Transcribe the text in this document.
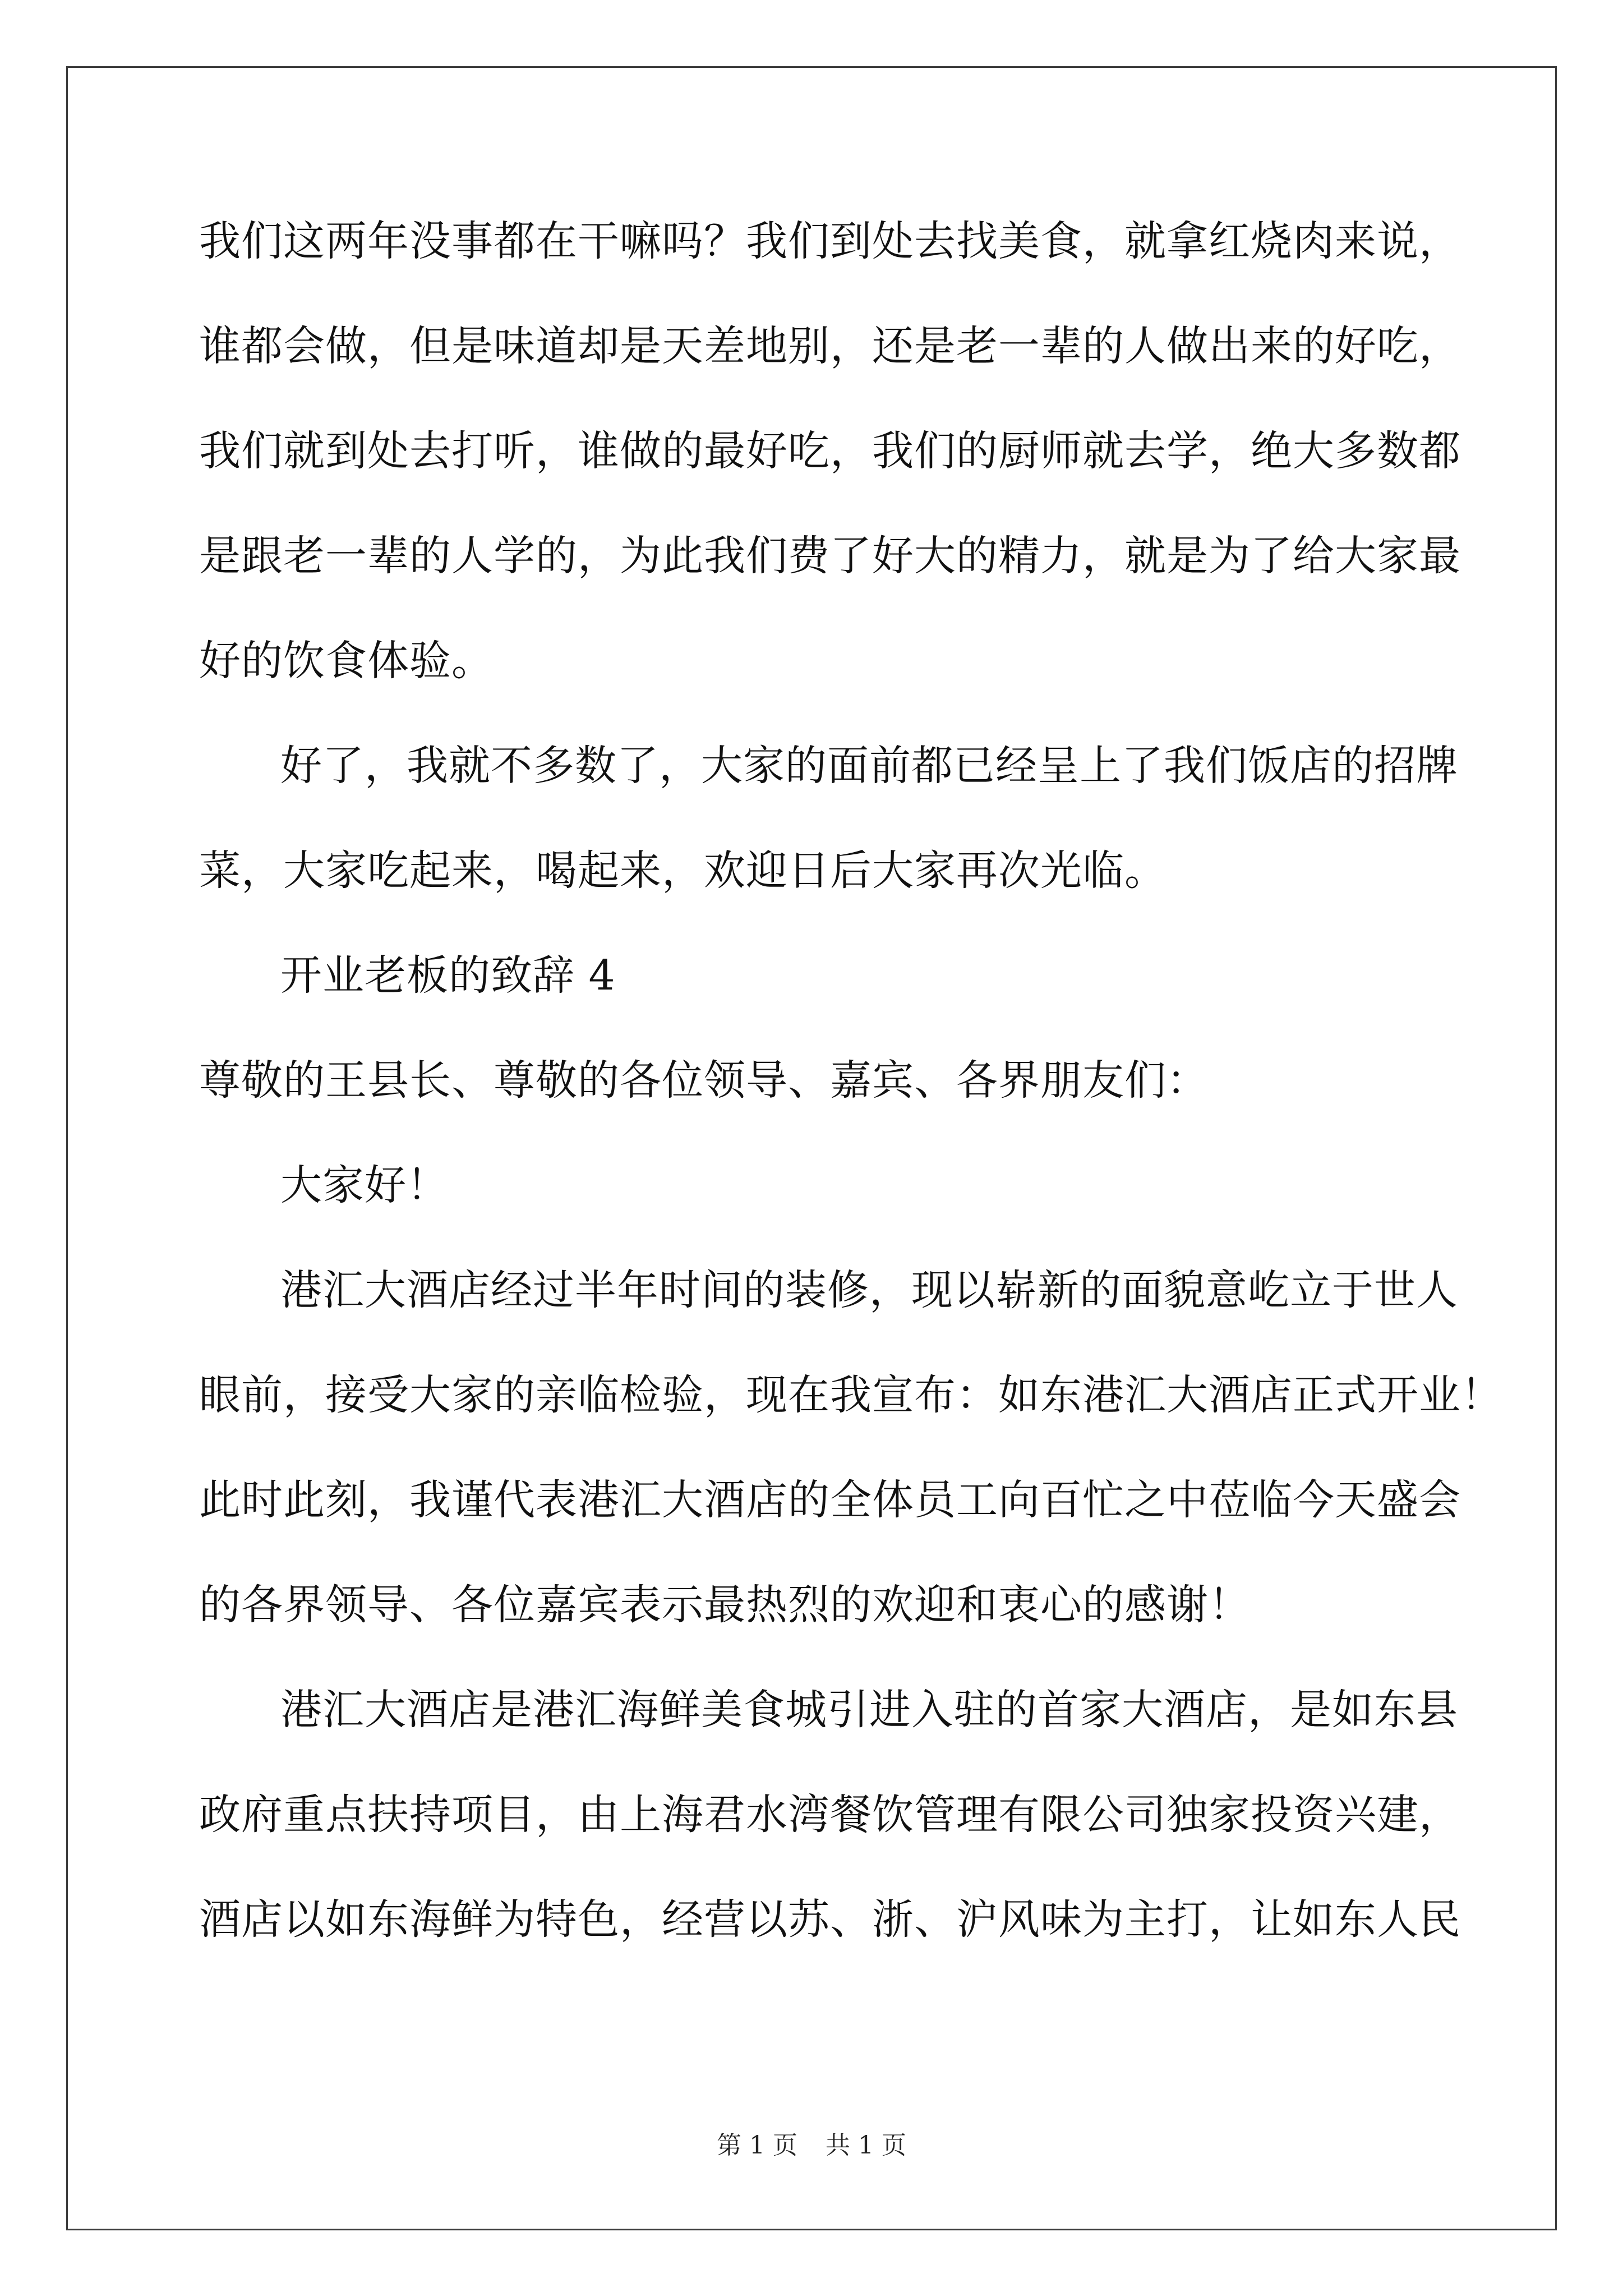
我们这两年没事都在干嘛吗？我们到处去找美食，就拿红烧肉来说，
谁都会做，但是味道却是天差地别，还是老一辈的人做出来的好吃，
我们就到处去打听，谁做的最好吃，我们的厨师就去学，绝大多数都
是跟老一辈的人学的，为此我们费了好大的精力，就是为了给大家最
好的饮食体验。
好了，我就不多数了，大家的面前都已经呈上了我们饭店的招牌
菜，大家吃起来，喝起来，欢迎日后大家再次光临。
开业老板的致辞 4
尊敬的王县长、尊敬的各位领导、嘉宾、各界朋友们：
大家好！
港汇大酒店经过半年时间的装修，现以崭新的面貌意屹立于世人
眼前，接受大家的亲临检验，现在我宣布：如东港汇大酒店正式开业！
此时此刻，我谨代表港汇大酒店的全体员工向百忙之中莅临今天盛会
的各界领导、各位嘉宾表示最热烈的欢迎和衷心的感谢！
港汇大酒店是港汇海鲜美食城引进入驻的首家大酒店，是如东县
政府重点扶持项目，由上海君水湾餐饮管理有限公司独家投资兴建，
酒店以如东海鲜为特色，经营以苏、浙、沪风味为主打，让如东人民
第 1 页 共 1 页
